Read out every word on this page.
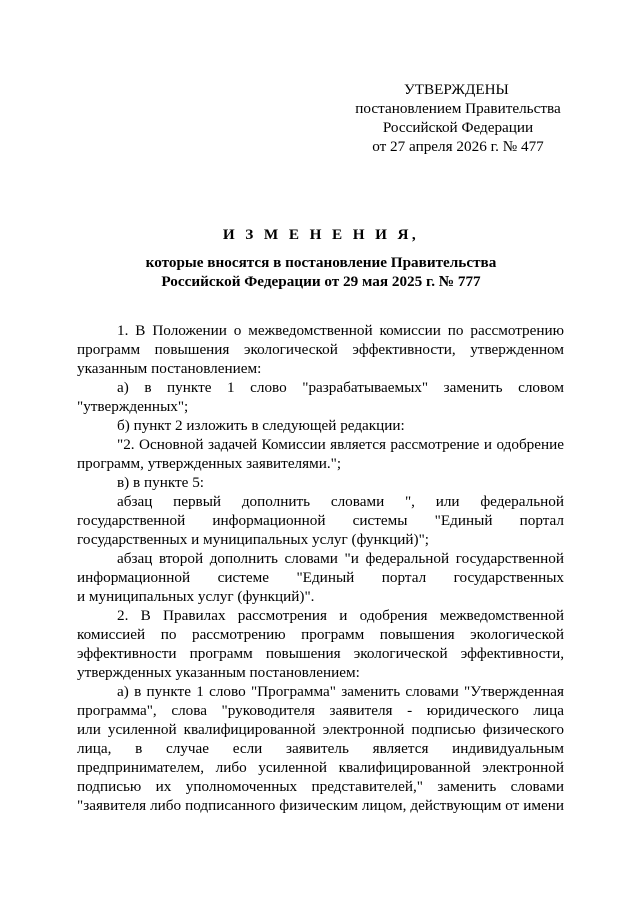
УТВЕРЖДЕНЫ
постановлением Правительства
Российской Федерации
от 27 апреля 2026 г. № 477
И З М Е Н Е Н И Я,
которые вносятся в постановление Правительства
Российской Федерации от 29 мая 2025 г. № 777
1. В Положении о межведомственной комиссии по рассмотрению
программ повышения экологической эффективности, утвержденном
указанным постановлением:
а) в пункте 1 слово "разрабатываемых" заменить словом
"утвержденных";
б) пункт 2 изложить в следующей редакции:
"2. Основной задачей Комиссии является рассмотрение и одобрение
программ, утвержденных заявителями.";
в) в пункте 5:
абзац первый дополнить словами ", или федеральной
государственной информационной системы "Единый портал
государственных и муниципальных услуг (функций)";
абзац второй дополнить словами "и федеральной государственной
информационной системе "Единый портал государственных
и муниципальных услуг (функций)".
2. В Правилах рассмотрения и одобрения межведомственной
комиссией по рассмотрению программ повышения экологической
эффективности программ повышения экологической эффективности,
утвержденных указанным постановлением:
а) в пункте 1 слово "Программа" заменить словами "Утвержденная
программа", слова "руководителя заявителя - юридического лица
или усиленной квалифицированной электронной подписью физического
лица, в случае если заявитель является индивидуальным
предпринимателем, либо усиленной квалифицированной электронной
подписью их уполномоченных представителей," заменить словами
"заявителя либо подписанного физическим лицом, действующим от имени
